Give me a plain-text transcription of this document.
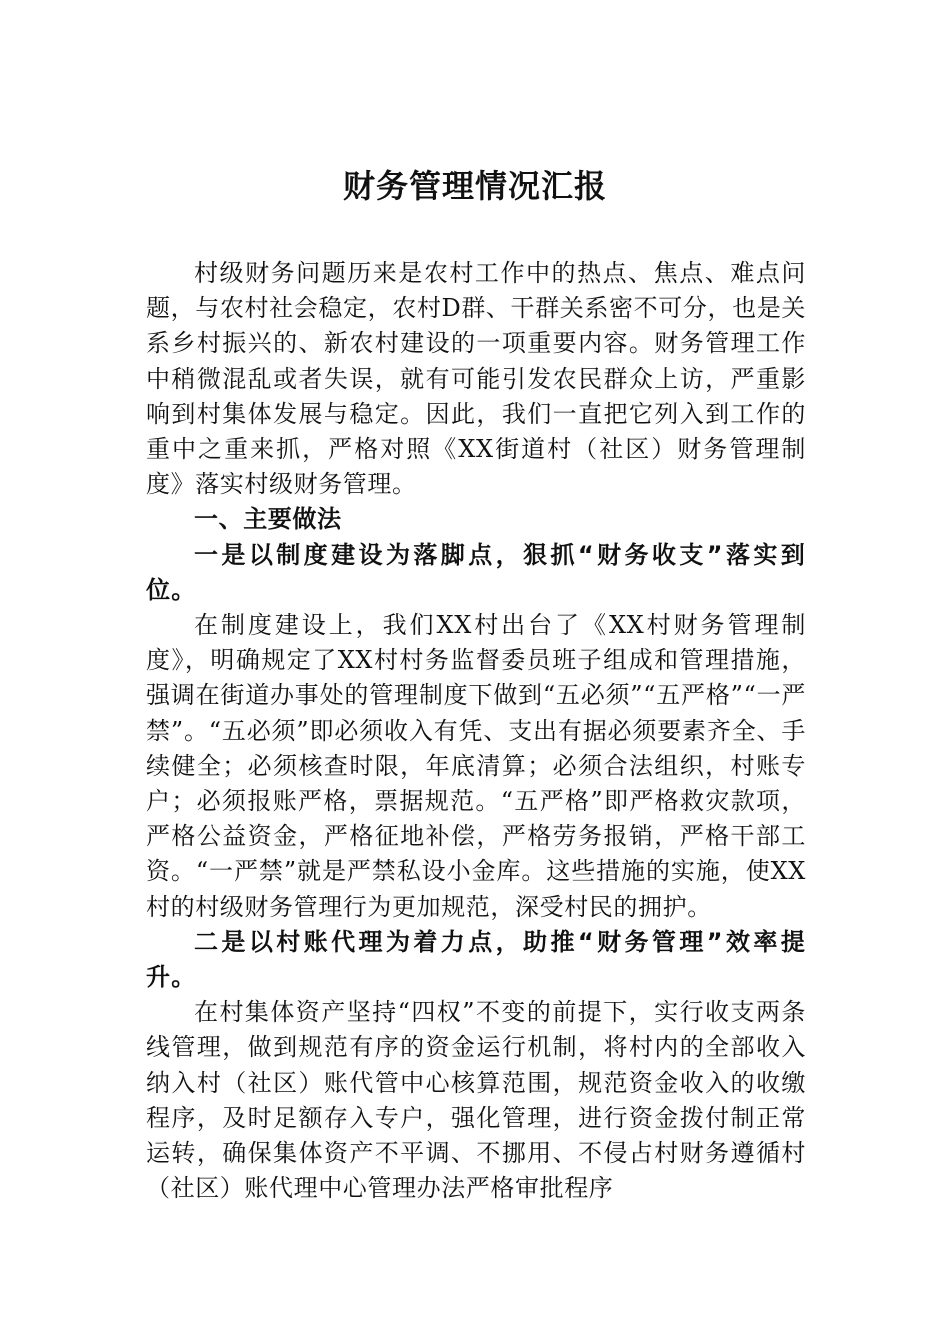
财务管理情况汇报

村级财务问题历来是农村工作中的热点、焦点、难点问题，与农村社会稳定，农村D群、干群关系密不可分，也是关系乡村振兴的、新农村建设的一项重要内容。财务管理工作中稍微混乱或者失误，就有可能引发农民群众上访，严重影响到村集体发展与稳定。因此，我们一直把它列入到工作的重中之重来抓，严格对照《XX街道村（社区）财务管理制度》落实村级财务管理。

一、主要做法

一是以制度建设为落脚点，狠抓“财务收支”落实到位。

在制度建设上，我们XX村出台了《XX村财务管理制度》，明确规定了XX村村务监督委员班子组成和管理措施，强调在街道办事处的管理制度下做到“五必须”“五严格”“一严禁”。“五必须”即必须收入有凭、支出有据必须要素齐全、手续健全；必须核查时限，年底清算；必须合法组织，村账专户；必须报账严格，票据规范。“五严格”即严格救灾款项，严格公益资金，严格征地补偿，严格劳务报销，严格干部工资。“一严禁”就是严禁私设小金库。这些措施的实施，使XX村的村级财务管理行为更加规范，深受村民的拥护。

二是以村账代理为着力点，助推“财务管理”效率提升。

在村集体资产坚持“四权”不变的前提下，实行收支两条线管理，做到规范有序的资金运行机制，将村内的全部收入纳入村（社区）账代管中心核算范围，规范资金收入的收缴程序，及时足额存入专户，强化管理，进行资金拨付制正常运转，确保集体资产不平调、不挪用、不侵占村财务遵循村（社区）账代理中心管理办法严格审批程序
